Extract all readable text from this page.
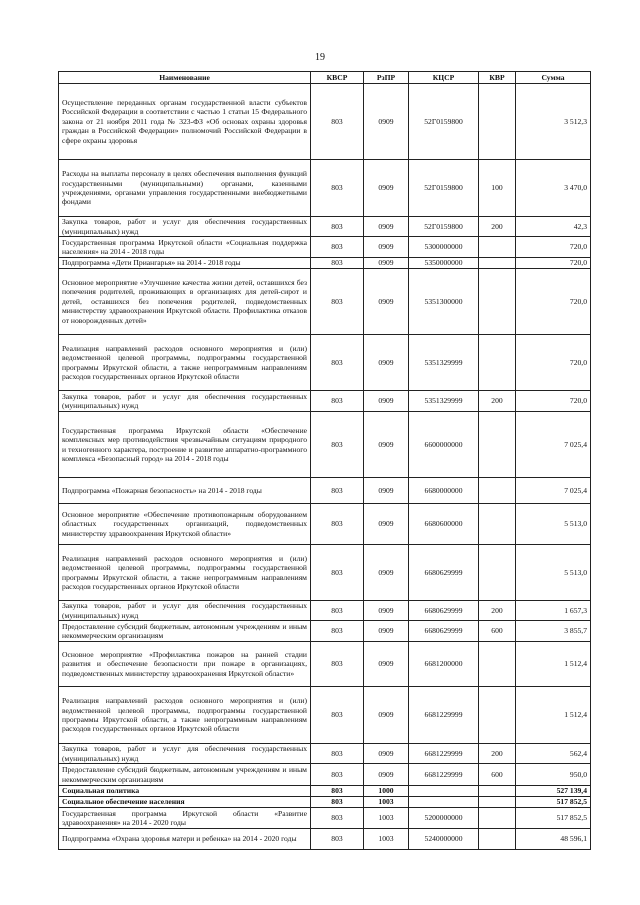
19
Наименование	КВСР	РзПР	КЦСР	КВР	Сумма
Осуществление переданных органам государственной власти субъектов Российской Федерации в соответствии с частью 1 статьи 15 Федерального закона от 21 ноября 2011 года № 323-ФЗ «Об основах охраны здоровья граждан в Российской Федерации» полномочий Российской Федерации в сфере охраны здоровья	803	0909	52Г0159800		3 512,3
Расходы на выплаты персоналу в целях обеспечения выполнения функций государственными (муниципальными) органами, казенными учреждениями, органами управления государственными внебюджетными фондами	803	0909	52Г0159800	100	3 470,0
Закупка товаров, работ и услуг для обеспечения государственных (муниципальных) нужд	803	0909	52Г0159800	200	42,3
Государственная программа Иркутской области «Социальная поддержка населения» на 2014 - 2018 годы	803	0909	5300000000		720,0
Подпрограмма «Дети Приангарья» на 2014 - 2018 годы	803	0909	5350000000		720,0
Основное мероприятие «Улучшение качества жизни детей, оставшихся без попечения родителей, проживающих в организациях для детей-сирот и детей, оставшихся без попечения родителей, подведомственных министерству здравоохранения Иркутской области. Профилактика отказов от новорожденных детей»	803	0909	5351300000		720,0
Реализация направлений расходов основного мероприятия и (или) ведомственной целевой программы, подпрограммы государственной программы Иркутской области, а также непрограммным направлениям расходов государственных органов Иркутской области	803	0909	5351329999		720,0
Закупка товаров, работ и услуг для обеспечения государственных (муниципальных) нужд	803	0909	5351329999	200	720,0
Государственная программа Иркутской области «Обеспечение комплексных мер противодействия чрезвычайным ситуациям природного и техногенного характера, построение и развитие аппаратно-программного комплекса «Безопасный город» на 2014 - 2018 годы	803	0909	6600000000		7 025,4
Подпрограмма «Пожарная безопасность» на 2014 - 2018 годы	803	0909	6680000000		7 025,4
Основное мероприятие «Обеспечение противопожарным оборудованием областных государственных организаций, подведомственных министерству здравоохранения Иркутской области»	803	0909	6680600000		5 513,0
Реализация направлений расходов основного мероприятия и (или) ведомственной целевой программы, подпрограммы государственной программы Иркутской области, а также непрограммным направлениям расходов государственных органов Иркутской области	803	0909	6680629999		5 513,0
Закупка товаров, работ и услуг для обеспечения государственных (муниципальных) нужд	803	0909	6680629999	200	1 657,3
Предоставление субсидий бюджетным, автономным учреждениям и иным некоммерческим организациям	803	0909	6680629999	600	3 855,7
Основное мероприятие «Профилактика пожаров на ранней стадии развития и обеспечение безопасности при пожаре в организациях, подведомственных министерству здравоохранения Иркутской области»	803	0909	6681200000		1 512,4
Реализация направлений расходов основного мероприятия и (или) ведомственной целевой программы, подпрограммы государственной программы Иркутской области, а также непрограммным направлениям расходов государственных органов Иркутской области	803	0909	6681229999		1 512,4
Закупка товаров, работ и услуг для обеспечения государственных (муниципальных) нужд	803	0909	6681229999	200	562,4
Предоставление субсидий бюджетным, автономным учреждениям и иным некоммерческим организациям	803	0909	6681229999	600	950,0
Социальная политика	803	1000			527 139,4
Социальное обеспечение населения	803	1003			517 852,5
Государственная программа Иркутской области «Развитие здравоохранения» на 2014 - 2020 годы	803	1003	5200000000		517 852,5
Подпрограмма «Охрана здоровья матери и ребенка» на 2014 - 2020 годы	803	1003	5240000000		48 596,1
